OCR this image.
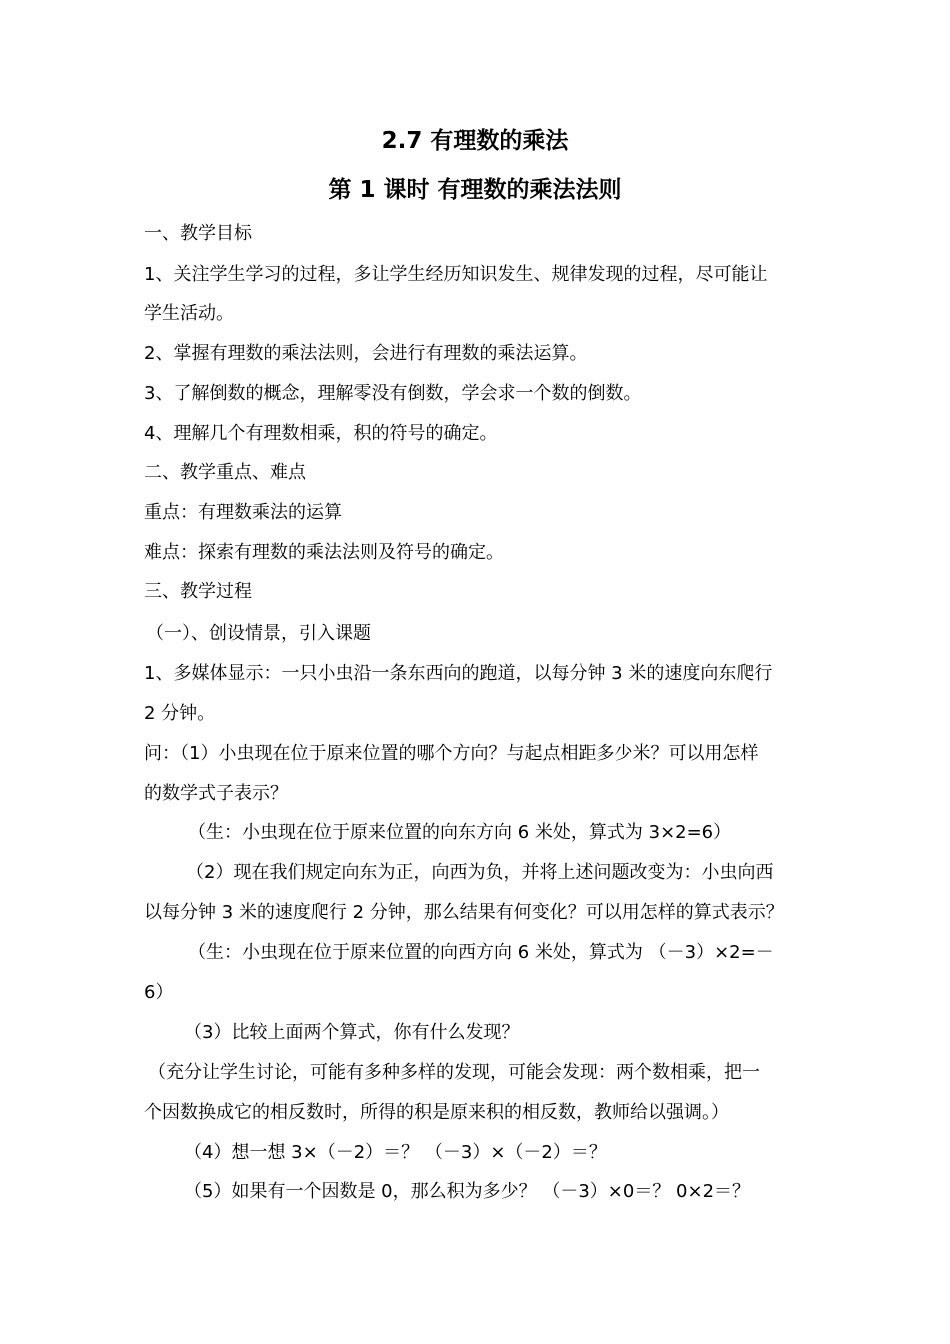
2.7 有理数的乘法
第 1 课时 有理数的乘法法则
一、教学目标
1、关注学生学习的过程，多让学生经历知识发生、规律发现的过程，尽可能让
学生活动。
2、掌握有理数的乘法法则，会进行有理数的乘法运算。
3、了解倒数的概念，理解零没有倒数，学会求一个数的倒数。
4、理解几个有理数相乘，积的符号的确定。
二、教学重点、难点
重点：有理数乘法的运算
难点：探索有理数的乘法法则及符号的确定。
三、教学过程
（一）、创设情景，引入课题
1、多媒体显示：一只小虫沿一条东西向的跑道，以每分钟 3 米的速度向东爬行
2 分钟。
问：（1）小虫现在位于原来位置的哪个方向？与起点相距多少米？可以用怎样
的数学式子表示？
（生：小虫现在位于原来位置的向东方向 6 米处，算式为 3×2=6）
（2）现在我们规定向东为正，向西为负，并将上述问题改变为：小虫向西
以每分钟 3 米的速度爬行 2 分钟，那么结果有何变化？可以用怎样的算式表示？
（生：小虫现在位于原来位置的向西方向 6 米处，算式为 （－3）×2=－
6）
（3）比较上面两个算式，你有什么发现？
（充分让学生讨论，可能有多种多样的发现，可能会发现：两个数相乘，把一
个因数换成它的相反数时，所得的积是原来积的相反数，教师给以强调。）
（4）想一想 3×（－2）＝？ （－3）×（－2）＝？
（5）如果有一个因数是 0，那么积为多少？ （－3）×0＝？ 0×2＝？
